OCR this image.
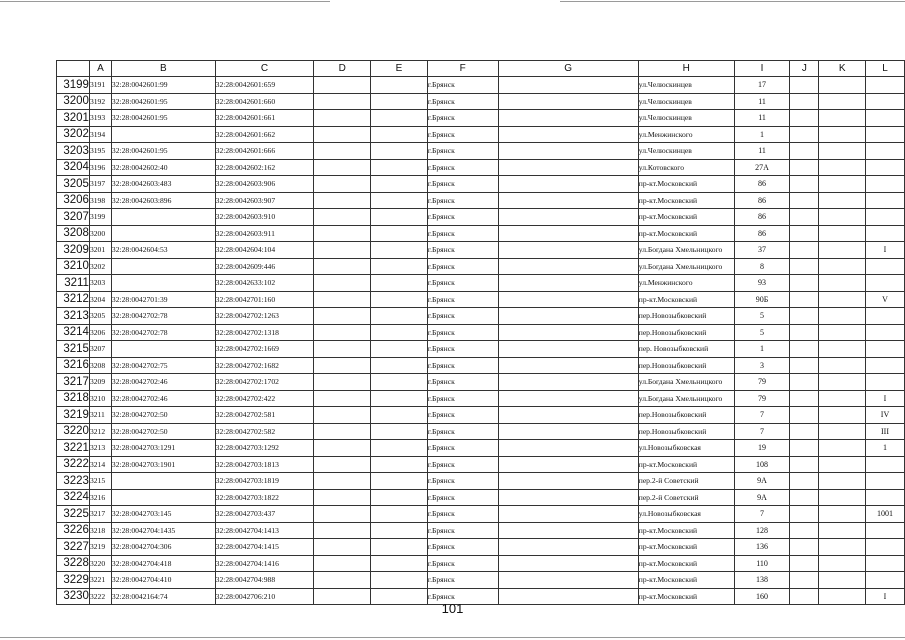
	A	B	C	D	E	F	G	H	I	J	K	L
3199	3191	32:28:0042601:99	32:28:0042601:659			г.Брянск		ул.Челюскинцев	17			
3200	3192	32:28:0042601:95	32:28:0042601:660			г.Брянск		ул.Челюскинцев	11			
3201	3193	32:28:0042601:95	32:28:0042601:661			г.Брянск		ул.Челюскинцев	11			
3202	3194		32:28:0042601:662			г.Брянск		ул.Менжинского	1			
3203	3195	32:28:0042601:95	32:28:0042601:666			г.Брянск		ул.Челюскинцев	11			
3204	3196	32:28:0042602:40	32:28:0042602:162			г.Брянск		ул.Котовского	27А			
3205	3197	32:28:0042603:483	32:28:0042603:906			г.Брянск		пр-кт.Московский	86			
3206	3198	32:28:0042603:896	32:28:0042603:907			г.Брянск		пр-кт.Московский	86			
3207	3199		32:28:0042603:910			г.Брянск		пр-кт.Московский	86			
3208	3200		32:28:0042603:911			г.Брянск		пр-кт.Московский	86			
3209	3201	32:28:0042604:53	32:28:0042604:104			г.Брянск		ул.Богдана Хмельницкого	37			I
3210	3202		32:28:0042609:446			г.Брянск		ул.Богдана Хмельницкого	8			
3211	3203		32:28:0042633:102			г.Брянск		ул.Менжинского	93			
3212	3204	32:28:0042701:39	32:28:0042701:160			г.Брянск		пр-кт.Московский	90Б			V
3213	3205	32:28:0042702:78	32:28:0042702:1263			г.Брянск		пер.Новозыбковский	5			
3214	3206	32:28:0042702:78	32:28:0042702:1318			г.Брянск		пер.Новозыбковский	5			
3215	3207		32:28:0042702:1669			г.Брянск		пер. Новозыбковский	1			
3216	3208	32:28:0042702:75	32:28:0042702:1682			г.Брянск		пер.Новозыбковский	3			
3217	3209	32:28:0042702:46	32:28:0042702:1702			г.Брянск		ул.Богдана Хмельницкого	79			
3218	3210	32:28:0042702:46	32:28:0042702:422			г.Брянск		ул.Богдана Хмельницкого	79			I
3219	3211	32:28:0042702:50	32:28:0042702:581			г.Брянск		пер.Новозыбковский	7			IV
3220	3212	32:28:0042702:50	32:28:0042702:582			г.Брянск		пер.Новозыбковский	7			III
3221	3213	32:28:0042703:1291	32:28:0042703:1292			г.Брянск		ул.Новозыбковская	19			1
3222	3214	32:28:0042703:1901	32:28:0042703:1813			г.Брянск		пр-кт.Московский	108			
3223	3215		32:28:0042703:1819			г.Брянск		пер.2-й Советский	9А			
3224	3216		32:28:0042703:1822			г.Брянск		пер.2-й Советский	9А			
3225	3217	32:28:0042703:145	32:28:0042703:437			г.Брянск		ул.Новозыбковская	7			1001
3226	3218	32:28:0042704:1435	32:28:0042704:1413			г.Брянск		пр-кт.Московский	128			
3227	3219	32:28:0042704:306	32:28:0042704:1415			г.Брянск		пр-кт.Московский	136			
3228	3220	32:28:0042704:418	32:28:0042704:1416			г.Брянск		пр-кт.Московский	110			
3229	3221	32:28:0042704:410	32:28:0042704:988			г.Брянск		пр-кт.Московский	138			
3230	3222	32:28:0042164:74	32:28:0042706:210			г.Брянск		пр-кт.Московский	160			I
101
